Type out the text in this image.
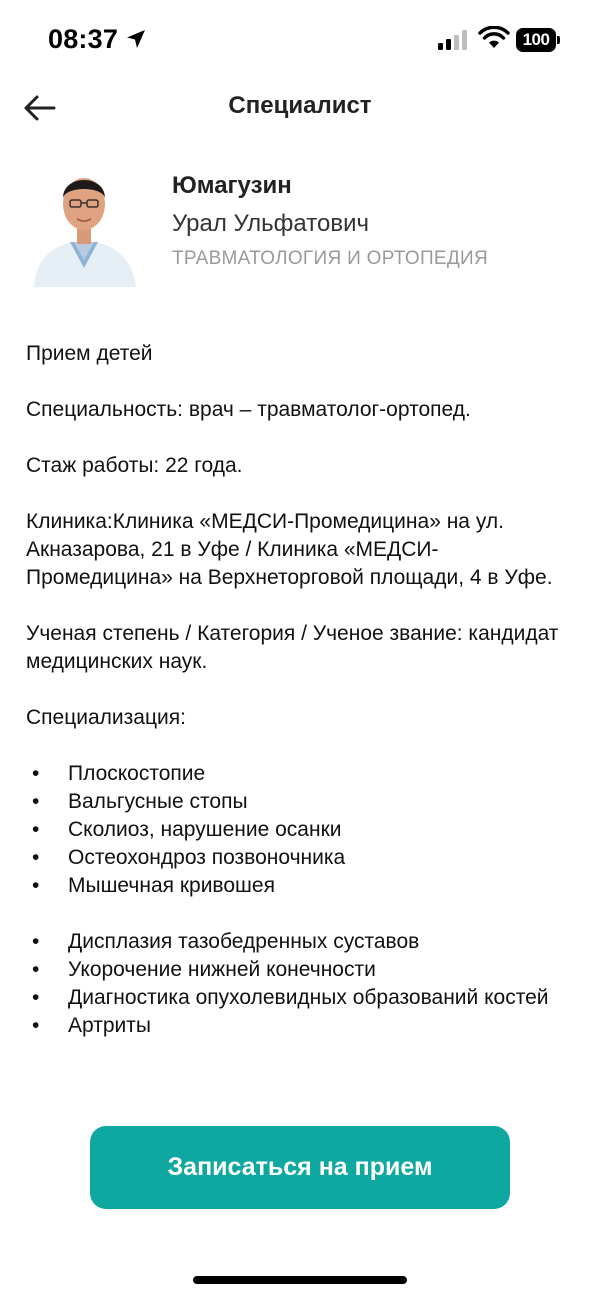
08:37	100
Специалист
Юмагузин
Урал Ульфатович
ТРАВМАТОЛОГИЯ И ОРТОПЕДИЯ

Прием детей

Специальность: врач – травматолог-ортопед.

Стаж работы: 22 года.

Клиника:Клиника «МЕДСИ-Промедицина» на ул. Акназарова, 21 в Уфе / Клиника «МЕДСИ-Промедицина» на Верхнеторговой площади, 4 в Уфе.

Ученая степень / Категория / Ученое звание: кандидат медицинских наук.

Специализация:

• Плоскостопие
• Вальгусные стопы
• Сколиоз, нарушение осанки
• Остеохондроз позвоночника
• Мышечная кривошея
• Дисплазия тазобедренных суставов
• Укорочение нижней конечности
• Диагностика опухолевидных образований костей
• Артриты
Записаться на прием
